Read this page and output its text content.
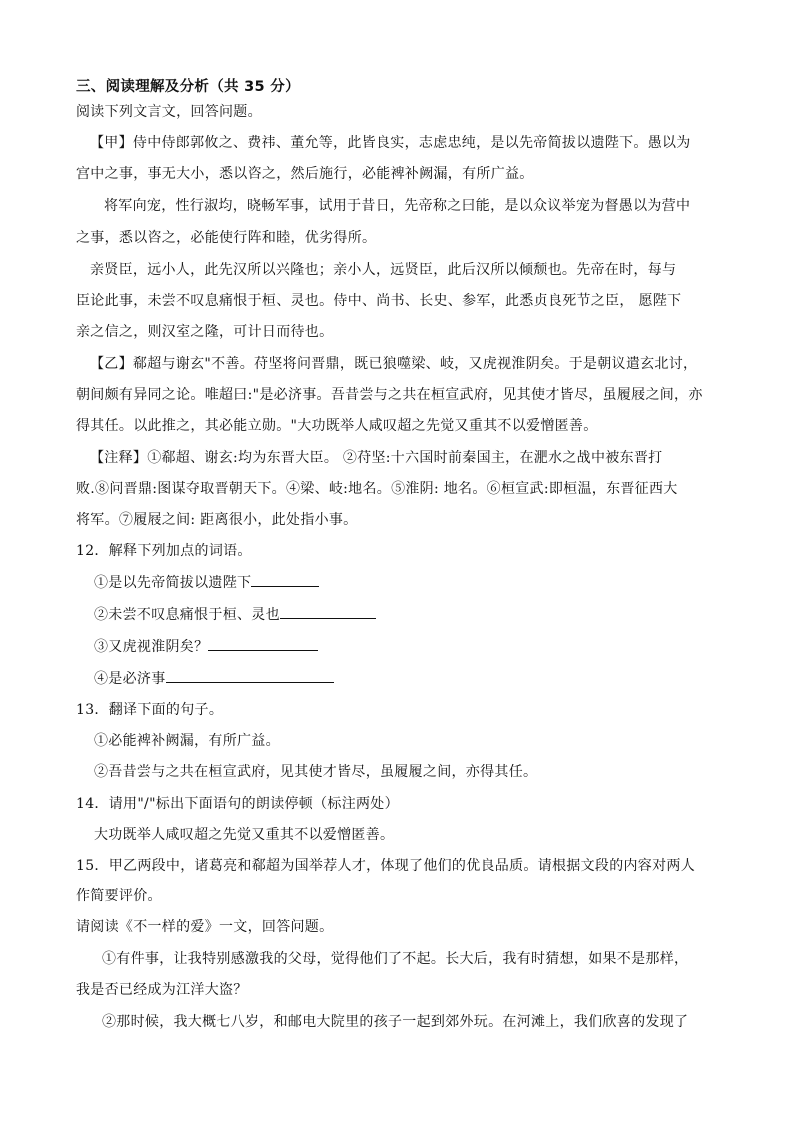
三、阅读理解及分析（共 35 分）
阅读下列文言文，回答问题。
【甲】侍中侍郎郭攸之、费祎、董允等，此皆良实，志虑忠纯，是以先帝简拔以遗陛下。愚以为
宫中之事，事无大小，悉以咨之，然后施行，必能裨补阙漏，有所广益。
将军向宠，性行淑均，晓畅军事，试用于昔日，先帝称之曰能，是以众议举宠为督愚以为营中
之事，悉以咨之，必能使行阵和睦，优劣得所。
亲贤臣，远小人，此先汉所以兴隆也；亲小人，远贤臣，此后汉所以倾颓也。先帝在时，每与
臣论此事，未尝不叹息痛恨于桓、灵也。侍中、尚书、长史、参军，此悉贞良死节之臣， 愿陛下
亲之信之，则汉室之隆，可计日而待也。
【乙】郗超与谢玄"不善。苻坚将问晋鼎，既已狼噬梁、岐，又虎视淮阴矣。于是朝议遣玄北讨，
朝间颇有异同之论。唯超曰:"是必济事。吾昔尝与之共在桓宣武府，见其使才皆尽，虽履屐之间，亦
得其任。以此推之，其必能立勋。"大功既举人咸叹超之先觉又重其不以爱憎匿善。
【注释】①郗超、谢玄:均为东晋大臣。 ②苻坚:十六国时前秦国主，在淝水之战中被东晋打
败.⑧问晋鼎:图谋夺取晋朝天下。④梁、岐:地名。⑤淮阴: 地名。⑥桓宣武:即桓温，东晋征西大
将军。⑦履屐之间: 距离很小，此处指小事。
12．解释下列加点的词语。
①是以先帝简拔以遗陛下
②未尝不叹息痛恨于桓、灵也
③又虎视淮阴矣？
④是必济事
13．翻译下面的句子。
①必能裨补阙漏，有所广益。
②吾昔尝与之共在桓宣武府，见其使才皆尽，虽履履之间，亦得其任。
14．请用"/"标出下面语句的朗读停顿（标注两处）
大功既举人咸叹超之先觉又重其不以爱憎匿善。
15．甲乙两段中，诸葛亮和郗超为国举荐人才，体现了他们的优良品质。请根据文段的内容对两人
作简要评价。
请阅读《不一样的爱》一文，回答问题。
①有件事，让我特别感激我的父母，觉得他们了不起。长大后，我有时猜想，如果不是那样，
我是否已经成为江洋大盗？
②那时候，我大概七八岁，和邮电大院里的孩子一起到郊外玩。在河滩上，我们欣喜的发现了
